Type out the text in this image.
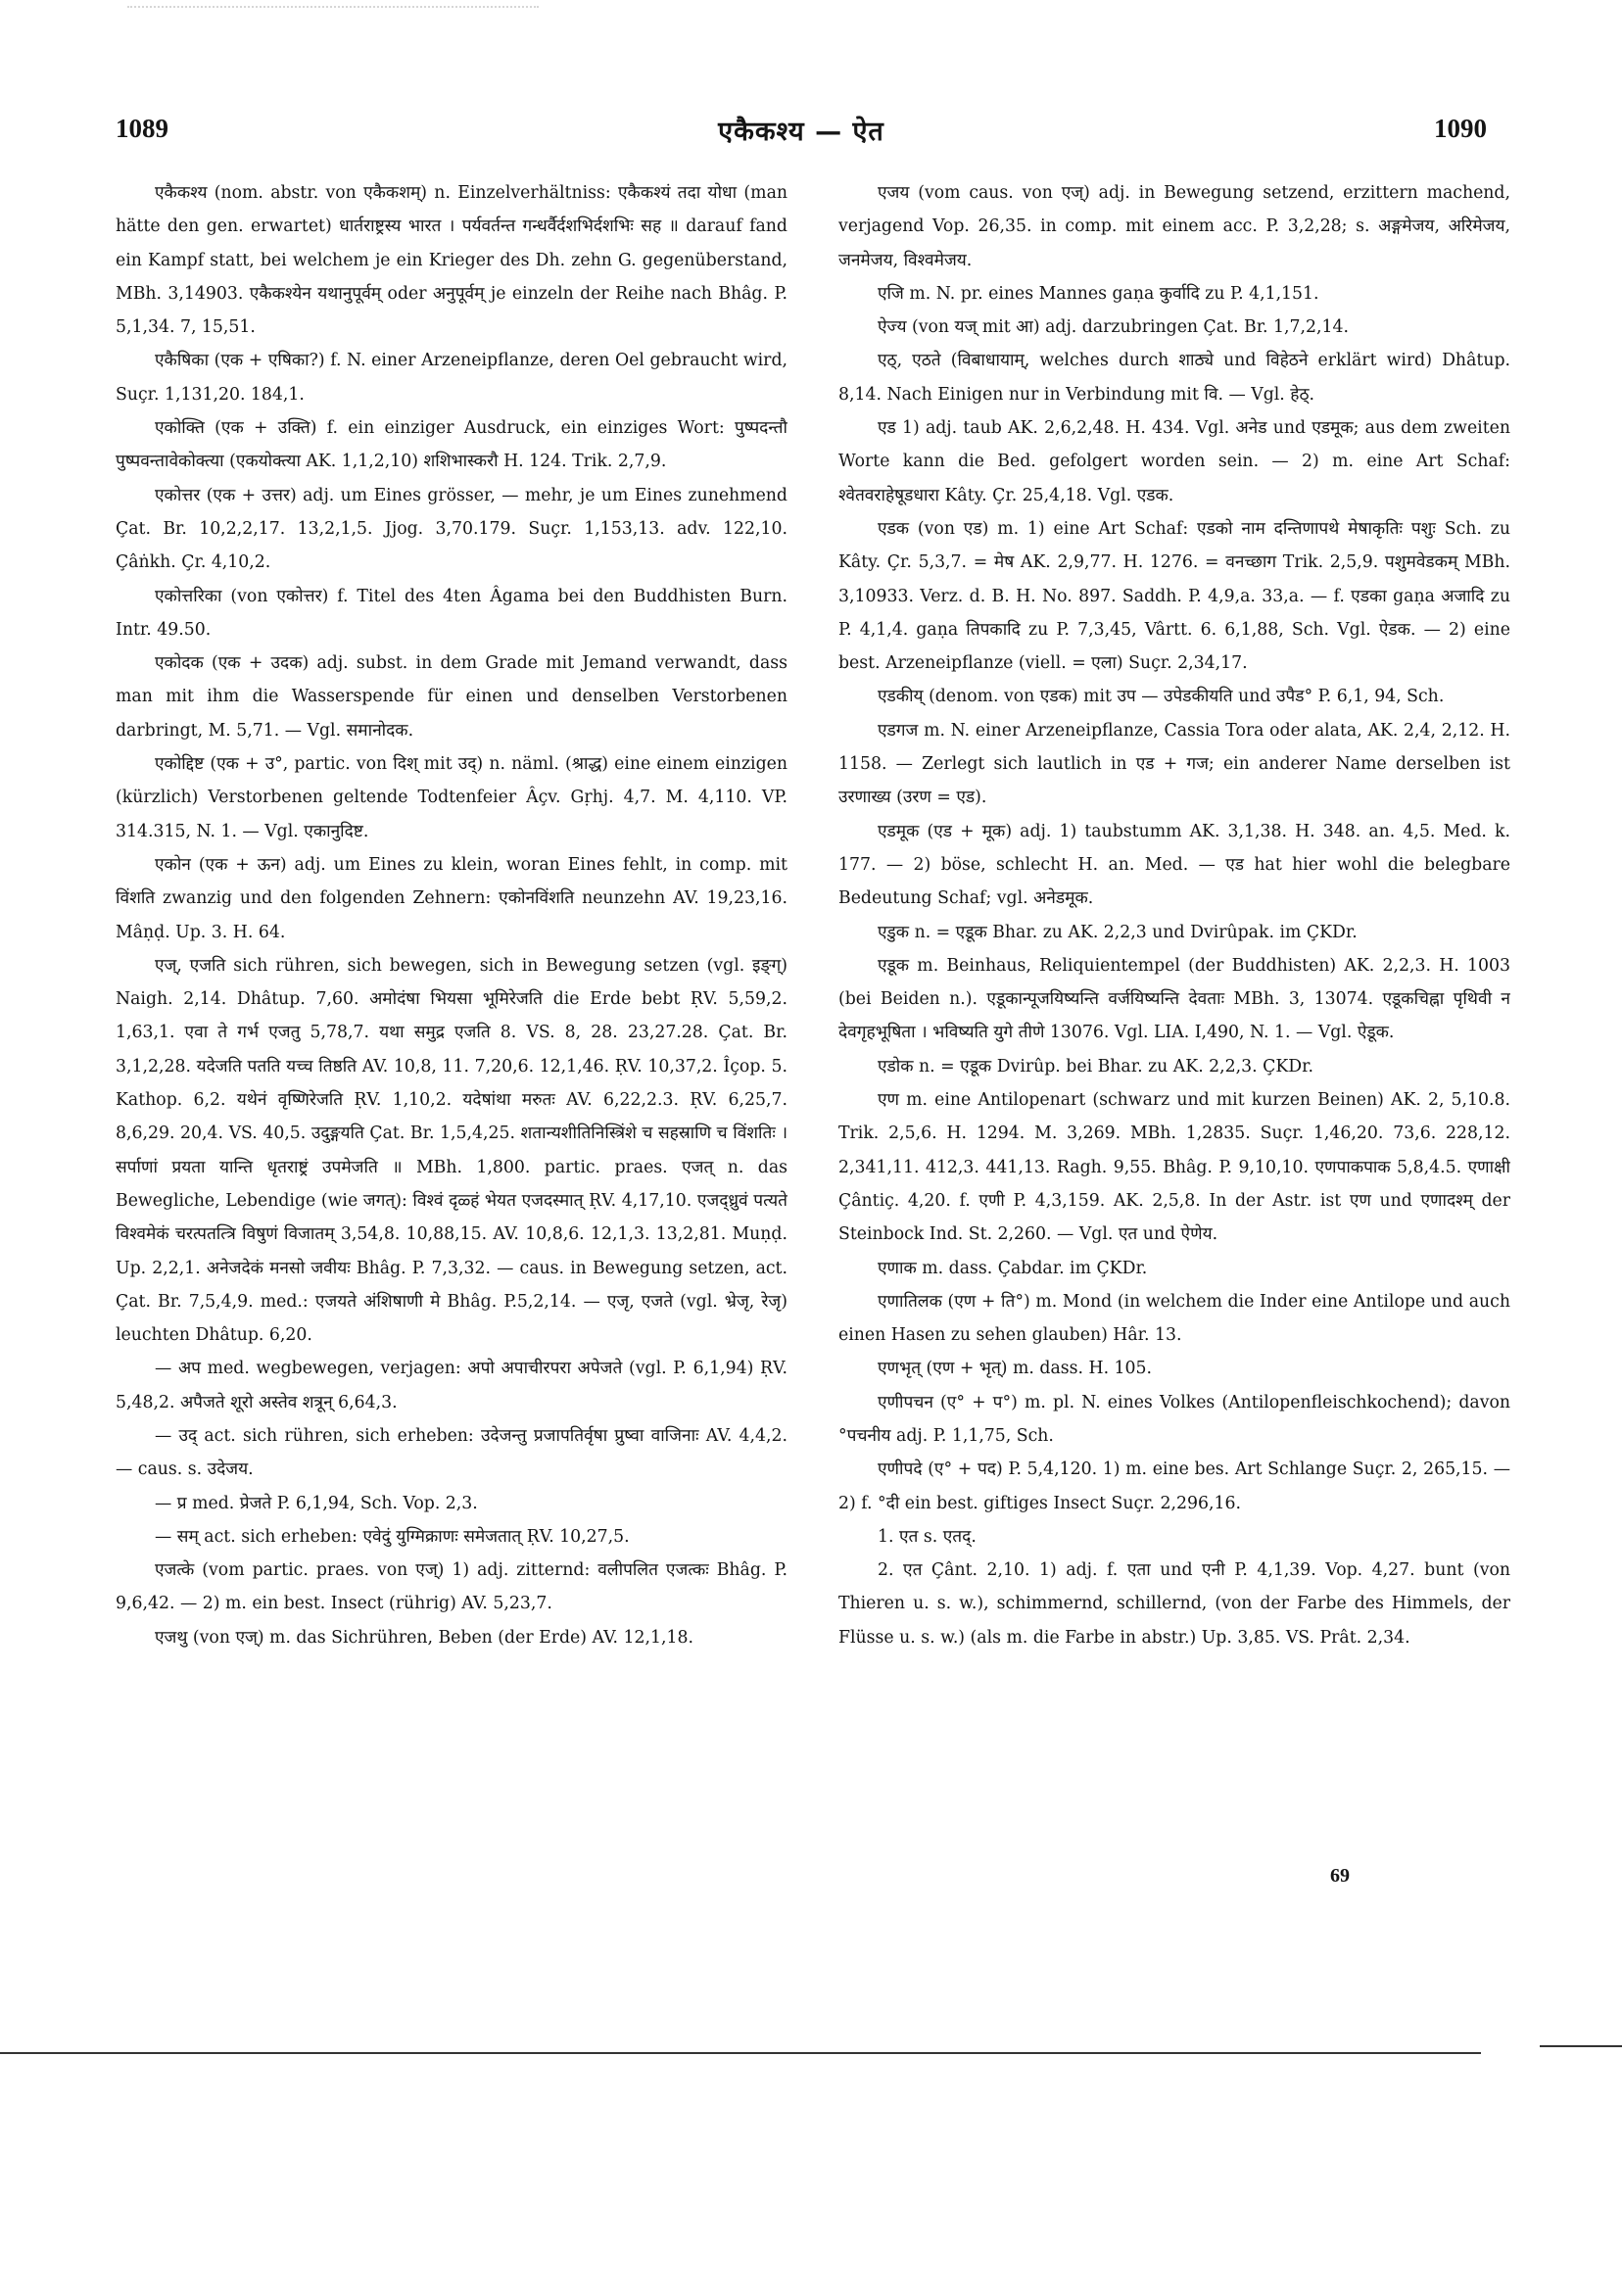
1089	एकैकश्य — ऐत	1090

एकैकश्य (nom. abstr. von एकैकशम्) n. Einzelverhältniss: एकैकश्यं तदा योधा (man hätte den gen. erwartet) धार्तराष्ट्रस्य भारत । पर्यवर्तन्त गन्धर्वैर्दशभिर्दशभिः सह ॥ darauf fand ein Kampf statt, bei welchem je ein Krieger des Dh. zehn G. gegenüberstand, MBh. 3,14903. एकैकश्येन यथानुपूर्वम् oder अनुपूर्वम् je einzeln der Reihe nach Bhâg. P. 5,1,34. 7, 15,51.

एकैषिका (एक + एषिका?) f. N. einer Arzeneipflanze, deren Oel gebraucht wird, Suçr. 1,131,20. 184,1.

एकोक्ति (एक + उक्ति) f. ein einziger Ausdruck, ein einziges Wort: पुष्पदन्तौ पुष्पवन्तावेकोक्त्या (एकयोक्त्या AK. 1,1,2,10) शशिभास्करौ H. 124. Trik. 2,7,9.

एकोत्तर (एक + उत्तर) adj. um Eines grösser, — mehr, je um Eines zunehmend Çat. Br. 10,2,2,17. 13,2,1,5. Jjog. 3,70.179. Suçr. 1,153,13. adv. 122,10. Çâṅkh. Çr. 4,10,2.

एकोत्तरिका (von एकोत्तर) f. Titel des 4ten Âgama bei den Buddhisten Burn. Intr. 49.50.

एकोदक (एक + उदक) adj. subst. in dem Grade mit Jemand verwandt, dass man mit ihm die Wasserspende für einen und denselben Verstorbenen darbringt, M. 5,71. — Vgl. समानोदक.

एकोद्दिष्ट (एक + उ°, partic. von दिश् mit उद्) n. näml. (श्राद्ध) eine einem einzigen (kürzlich) Verstorbenen geltende Todtenfeier Âçv. Gṛhj. 4,7. M. 4,110. VP. 314.315, N. 1. — Vgl. एकानुदिष्ट.

एकोन (एक + ऊन) adj. um Eines zu klein, woran Eines fehlt, in comp. mit विंशति zwanzig und den folgenden Zehnern: एकोनविंशति neunzehn AV. 19,23,16. Mâṇḍ. Up. 3. H. 64.

एज्, एजति sich rühren, sich bewegen, sich in Bewegung setzen (vgl. इङ्ग्) Naigh. 2,14. Dhâtup. 7,60. अमोदंषा भियसा भूमिरेजति die Erde bebt ṚV. 5,59,2. 1,63,1. एवा ते गर्भ एजतु 5,78,7. यथा समुद्र एजति 8. VS. 8, 28. 23,27.28. Çat. Br. 3,1,2,28. यदेजति पतति यच्च तिष्ठति AV. 10,8, 11. 7,20,6. 12,1,46. ṚV. 10,37,2. Îçop. 5. Kathop. 6,2. यथेनं वृष्णिरेजति ṚV. 1,10,2. यदेषांथा मरुतः AV. 6,22,2.3. ṚV. 6,25,7. 8,6,29. 20,4. VS. 40,5. उदुङ्गयति Çat. Br. 1,5,4,25. शतान्यशीतिनिस्त्रिंशे च सहस्राणि च विंशतिः । सर्पाणां प्रयता यान्ति धृतराष्ट्रं उपमेजति ॥ MBh. 1,800. partic. praes. एजत् n. das Bewegliche, Lebendige (wie जगत्): विश्वं दृळ्हं भेयत एजदस्मात् ṚV. 4,17,10. एजद्ध्रुवं पत्यते विश्वमेकं चरत्पतत्त्रि विषुणं विजातम् 3,54,8. 10,88,15. AV. 10,8,6. 12,1,3. 13,2,81. Muṇḍ. Up. 2,2,1. अनेजदेकं मनसो जवीयः Bhâg. P. 7,3,32. — caus. in Bewegung setzen, act. Çat. Br. 7,5,4,9. med.: एजयते अंशिषाणी मे Bhâg. P.5,2,14. — एजृ, एजते (vgl. भ्रेजृ, रेजृ) leuchten Dhâtup. 6,20.

— अप med. wegbewegen, verjagen: अपो अपाचीरपरा अपेजते (vgl. P. 6,1,94) ṚV. 5,48,2. अपैजते शूरो अस्तेव शत्रून् 6,64,3.

— उद् act. sich rühren, sich erheben: उदेजन्तु प्रजापतिर्वृषा प्रुष्वा वाजिनाः AV. 4,4,2. — caus. s. उदेजय.

— प्र med. प्रेजते P. 6,1,94, Sch. Vop. 2,3.

— सम् act. sich erheben: एवेदुं युग्मिक्राणः समेजतात् ṚV. 10,27,5.

एजत्के (vom partic. praes. von एज्) 1) adj. zitternd: वलीपलित एजत्कः Bhâg. P. 9,6,42. — 2) m. ein best. Insect (rührig) AV. 5,23,7.

एजथु (von एज्) m. das Sichrühren, Beben (der Erde) AV. 12,1,18.

एजय (vom caus. von एज्) adj. in Bewegung setzend, erzittern machend, verjagend Vop. 26,35. in comp. mit einem acc. P. 3,2,28; s. अङ्गमेजय, अरिमेजय, जनमेजय, विश्वमेजय.

एजि m. N. pr. eines Mannes gaṇa कुर्वादि zu P. 4,1,151.

ऐज्य (von यज् mit आ) adj. darzubringen Çat. Br. 1,7,2,14.

एठ्, एठते (विबाधायाम्, welches durch शाठ्ये und विहेठने erklärt wird) Dhâtup. 8,14. Nach Einigen nur in Verbindung mit वि. — Vgl. हेठ्.

एड 1) adj. taub AK. 2,6,2,48. H. 434. Vgl. अनेड und एडमूक; aus dem zweiten Worte kann die Bed. gefolgert worden sein. — 2) m. eine Art Schaf: श्वेतवराहेषूडधारा Kâty. Çr. 25,4,18. Vgl. एडक.

एडक (von एड) m. 1) eine Art Schaf: एडको नाम दन्तिणापथे मेषाकृतिः पशुः Sch. zu Kâty. Çr. 5,3,7. = मेष AK. 2,9,77. H. 1276. = वनच्छाग Trik. 2,5,9. पशुमवेडकम् MBh. 3,10933. Verz. d. B. H. No. 897. Saddh. P. 4,9,a. 33,a. — f. एडका gaṇa अजादि zu P. 4,1,4. gaṇa तिपकादि zu P. 7,3,45, Vârtt. 6. 6,1,88, Sch. Vgl. ऐडक. — 2) eine best. Arzeneipflanze (viell. = एला) Suçr. 2,34,17.

एडकीय् (denom. von एडक) mit उप — उपेडकीयति und उपैड° P. 6,1, 94, Sch.

एडगज m. N. einer Arzeneipflanze, Cassia Tora oder alata, AK. 2,4, 2,12. H. 1158. — Zerlegt sich lautlich in एड + गज; ein anderer Name derselben ist उरणाख्य (उरण = एड).

एडमूक (एड + मूक) adj. 1) taubstumm AK. 3,1,38. H. 348. an. 4,5. Med. k. 177. — 2) böse, schlecht H. an. Med. — एड hat hier wohl die belegbare Bedeutung Schaf; vgl. अनेडमूक.

एडुक n. = एडूक Bhar. zu AK. 2,2,3 und Dvirûpak. im ÇKDr.

एडूक m. Beinhaus, Reliquientempel (der Buddhisten) AK. 2,2,3. H. 1003 (bei Beiden n.). एडूकान्पूजयिष्यन्ति वर्जयिष्यन्ति देवताः MBh. 3, 13074. एडूकचिह्ना पृथिवी न देवगृहभूषिता । भविष्यति युगे तीणे 13076. Vgl. LIA. I,490, N. 1. — Vgl. ऐडूक.

एडोक n. = एडूक Dvirûp. bei Bhar. zu AK. 2,2,3. ÇKDr.

एण m. eine Antilopenart (schwarz und mit kurzen Beinen) AK. 2, 5,10.8. Trik. 2,5,6. H. 1294. M. 3,269. MBh. 1,2835. Suçr. 1,46,20. 73,6. 228,12. 2,341,11. 412,3. 441,13. Ragh. 9,55. Bhâg. P. 9,10,10. एणपाकपाक 5,8,4.5. एणाक्षी Çântiç. 4,20. f. एणी P. 4,3,159. AK. 2,5,8. In der Astr. ist एण und एणादश्म् der Steinbock Ind. St. 2,260. — Vgl. एत und ऐणेय.

एणाक m. dass. Çabdar. im ÇKDr.

एणातिलक (एण + ति°) m. Mond (in welchem die Inder eine Antilope und auch einen Hasen zu sehen glauben) Hâr. 13.

एणभृत् (एण + भृत्) m. dass. H. 105.

एणीपचन (ए° + प°) m. pl. N. eines Volkes (Antilopenfleischkochend); davon °पचनीय adj. P. 1,1,75, Sch.

एणीपदे (ए° + पद) P. 5,4,120. 1) m. eine bes. Art Schlange Suçr. 2, 265,15. — 2) f. °दी ein best. giftiges Insect Suçr. 2,296,16.

1. एत s. एतद्.

2. एत Çânt. 2,10. 1) adj. f. एता und एनी P. 4,1,39. Vop. 4,27. bunt (von Thieren u. s. w.), schimmernd, schillernd, (von der Farbe des Himmels, der Flüsse u. s. w.) (als m. die Farbe in abstr.) Up. 3,85. VS. Prât. 2,34.

69
